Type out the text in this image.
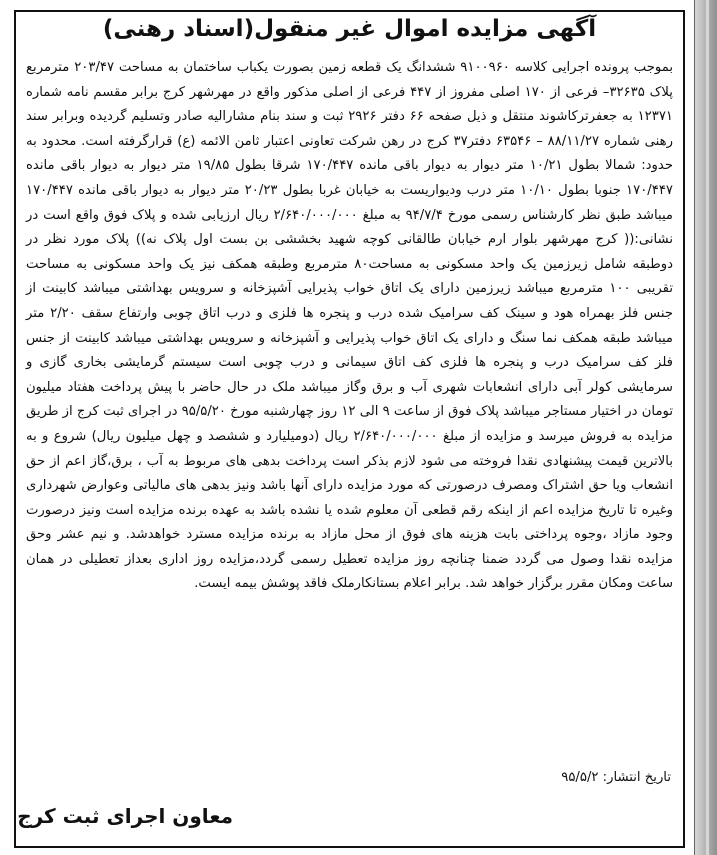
آگهی مزایده اموال غیر منقول(اسناد رهنی)

بموجب پرونده اجرایی کلاسه ۹۱۰۰۹۶۰ ششدانگ یک قطعه زمین بصورت یکباب ساختمان به مساحت ۲۰۳/۴۷ مترمربع پلاک ۳۲۶۳۵– فرعی از ۱۷۰ اصلی مفروز از ۴۴۷ فرعی از اصلی مذکور واقع در مهرشهر کرج برابر مقسم نامه شماره ۱۲۳۷۱ به جعفرترکاشوند منتقل و ذیل صفحه ۶۶ دفتر ۲۹۲۶ ثبت و سند بنام مشارالیه صادر وتسلیم گردیده وبرابر سند رهنی شماره ۸۸/۱۱/۲۷ – ۶۳۵۴۶ دفتر۳۷ کرج در رهن شرکت تعاونی اعتبار ثامن الائمه (ع) قرارگرفته است. محدود به حدود: شمالا بطول ۱۰/۲۱ متر دیوار به دیوار باقی مانده ۱۷۰/۴۴۷ شرقا بطول ۱۹/۸۵ متر دیوار به دیوار باقی مانده ۱۷۰/۴۴۷ جنوبا بطول ۱۰/۱۰ متر درب ودیواریست به خیابان غربا بطول ۲۰/۲۳ متر دیوار به دیوار باقی مانده ۱۷۰/۴۴۷ میباشد طبق نظر کارشناس رسمی مورخ ۹۴/۷/۴ به مبلغ ۲/۶۴۰/۰۰۰/۰۰۰ ریال ارزیابی شده و پلاک فوق واقع است در نشانی:(( کرج مهرشهر بلوار ارم خیابان طالقانی کوچه شهید بخششی بن بست اول پلاک نه)) پلاک مورد نظر در دوطبقه شامل زیرزمین یک واحد مسکونی به مساحت۸۰ مترمربع وطبقه همکف نیز یک واحد مسکونی به مساحت تقریبی ۱۰۰ مترمربع میباشد زیرزمین دارای یک اتاق خواب پذیرایی آشپزخانه و سرویس بهداشتی میباشد کابینت از جنس فلز بهمراه هود و سینک کف سرامیک شده درب و پنجره ها فلزی و درب اتاق چوبی وارتفاع سقف ۲/۲۰ متر میباشد طبقه همکف نما سنگ و دارای یک اتاق خواب پذیرایی و آشپزخانه و سرویس بهداشتی میباشد کابینت از جنس فلز کف سرامیک درب و پنجره ها فلزی کف اتاق سیمانی و درب چوبی است سیستم گرمایشی بخاری گازی و سرمایشی کولر آبی دارای انشعابات شهری آب و برق وگاز میباشد ملک در حال حاضر با پیش پرداخت هفتاد میلیون تومان در اختیار مستاجر میباشد پلاک فوق از ساعت ۹ الی ۱۲ روز چهارشنبه مورخ ۹۵/۵/۲۰ در اجرای ثبت کرج از طریق مزایده به فروش میرسد و مزایده از مبلغ ۲/۶۴۰/۰۰۰/۰۰۰ ریال (دومیلیارد و ششصد و چهل میلیون ریال) شروع و به بالاترین قیمت پیشنهادی نقدا فروخته می شود لازم بذکر است پرداخت بدهی های مربوط به آب ، برق،گاز اعم از حق انشعاب ویا حق اشتراک ومصرف درصورتی که مورد مزایده دارای آنها باشد ونیز بدهی های مالیاتی وعوارض شهرداری وغیره تا تاریخ مزایده اعم از اینکه رقم قطعی آن معلوم شده یا نشده باشد به عهده برنده مزایده است ونیز درصورت وجود مازاد ،وجوه پرداختی بابت هزینه های فوق از محل مازاد به برنده مزایده مسترد خواهدشد. و نیم عشر وحق مزایده نقدا وصول می گردد ضمنا چنانچه روز مزایده تعطیل رسمی گردد،مزایده روز اداری بعداز تعطیلی در همان ساعت ومکان مقرر برگزار خواهد شد. برابر اعلام بستانکارملک فاقد پوشش بیمه ایست.

تاریخ انتشار: ۹۵/۵/۲
معاون اجرای ثبت کرج
